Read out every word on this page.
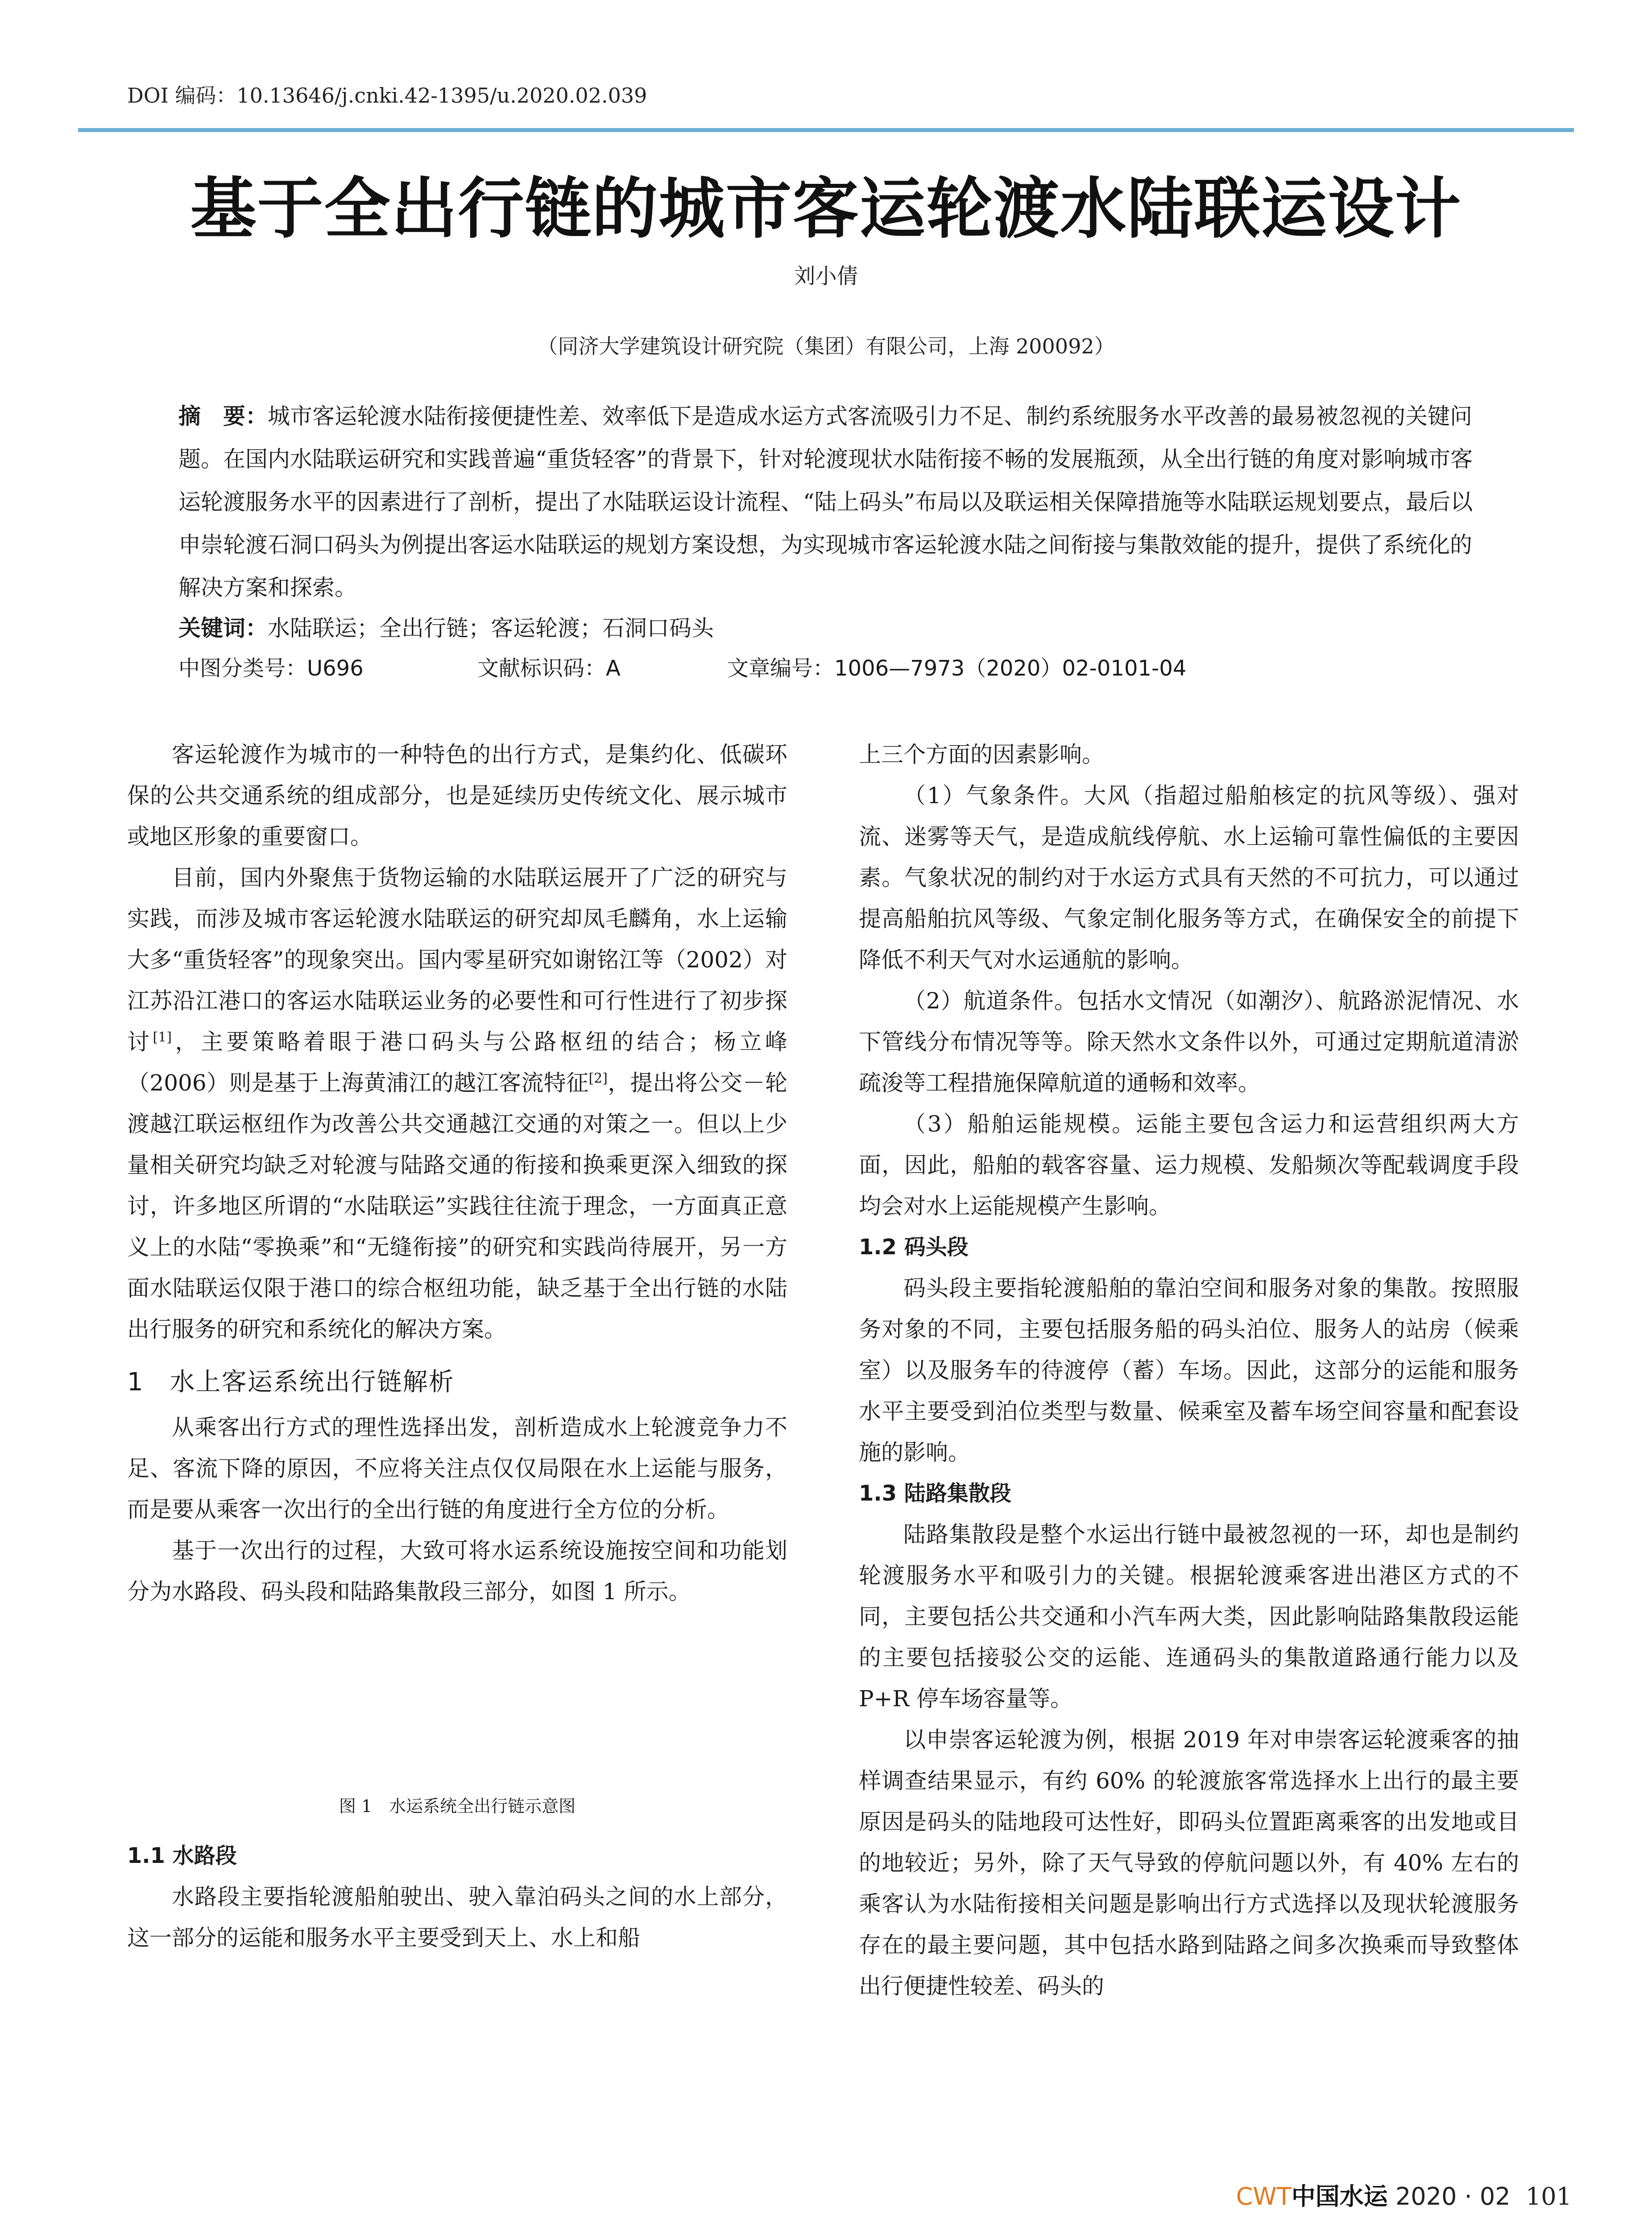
DOI 编码：10.13646/j.cnki.42-1395/u.2020.02.039
基于全出行链的城市客运轮渡水陆联运设计
刘小倩
（同济大学建筑设计研究院（集团）有限公司，上海 200092）
摘　要：城市客运轮渡水陆衔接便捷性差、效率低下是造成水运方式客流吸引力不足、制约系统服务水平改善的最易被忽视的关键问题。在国内水陆联运研究和实践普遍“重货轻客”的背景下，针对轮渡现状水陆衔接不畅的发展瓶颈，从全出行链的角度对影响城市客运轮渡服务水平的因素进行了剖析，提出了水陆联运设计流程、“陆上码头”布局以及联运相关保障措施等水陆联运规划要点，最后以申崇轮渡石洞口码头为例提出客运水陆联运的规划方案设想，为实现城市客运轮渡水陆之间衔接与集散效能的提升，提供了系统化的解决方案和探索。
关键词：水陆联运；全出行链；客运轮渡；石洞口码头
中图分类号：U696	文献标识码：A	文章编号：1006—7973（2020）02-0101-04

客运轮渡作为城市的一种特色的出行方式，是集约化、低碳环保的公共交通系统的组成部分，也是延续历史传统文化、展示城市或地区形象的重要窗口。

目前，国内外聚焦于货物运输的水陆联运展开了广泛的研究与实践，而涉及城市客运轮渡水陆联运的研究却凤毛麟角，水上运输大多“重货轻客”的现象突出。国内零星研究如谢铭江等（2002）对江苏沿江港口的客运水陆联运业务的必要性和可行性进行了初步探讨[1]，主要策略着眼于港口码头与公路枢纽的结合；杨立峰（2006）则是基于上海黄浦江的越江客流特征[2]，提出将公交－轮渡越江联运枢纽作为改善公共交通越江交通的对策之一。但以上少量相关研究均缺乏对轮渡与陆路交通的衔接和换乘更深入细致的探讨，许多地区所谓的“水陆联运”实践往往流于理念，一方面真正意义上的水陆“零换乘”和“无缝衔接”的研究和实践尚待展开，另一方面水陆联运仅限于港口的综合枢纽功能，缺乏基于全出行链的水陆出行服务的研究和系统化的解决方案。

1　水上客运系统出行链解析

从乘客出行方式的理性选择出发，剖析造成水上轮渡竞争力不足、客流下降的原因，不应将关注点仅仅局限在水上运能与服务，而是要从乘客一次出行的全出行链的角度进行全方位的分析。

基于一次出行的过程，大致可将水运系统设施按空间和功能划分为水路段、码头段和陆路集散段三部分，如图 1 所示。

图 1　水运系统全出行链示意图
1.1 水路段

水路段主要指轮渡船舶驶出、驶入靠泊码头之间的水上部分，这一部分的运能和服务水平主要受到天上、水上和船

上三个方面的因素影响。

（1）气象条件。大风（指超过船舶核定的抗风等级）、强对流、迷雾等天气，是造成航线停航、水上运输可靠性偏低的主要因素。气象状况的制约对于水运方式具有天然的不可抗力，可以通过提高船舶抗风等级、气象定制化服务等方式，在确保安全的前提下降低不利天气对水运通航的影响。

（2）航道条件。包括水文情况（如潮汐）、航路淤泥情况、水下管线分布情况等等。除天然水文条件以外，可通过定期航道清淤疏浚等工程措施保障航道的通畅和效率。

（3）船舶运能规模。运能主要包含运力和运营组织两大方面，因此，船舶的载客容量、运力规模、发船频次等配载调度手段均会对水上运能规模产生影响。

1.2 码头段

码头段主要指轮渡船舶的靠泊空间和服务对象的集散。按照服务对象的不同，主要包括服务船的码头泊位、服务人的站房（候乘室）以及服务车的待渡停（蓄）车场。因此，这部分的运能和服务水平主要受到泊位类型与数量、候乘室及蓄车场空间容量和配套设施的影响。

1.3 陆路集散段

陆路集散段是整个水运出行链中最被忽视的一环，却也是制约轮渡服务水平和吸引力的关键。根据轮渡乘客进出港区方式的不同，主要包括公共交通和小汽车两大类，因此影响陆路集散段运能的主要包括接驳公交的运能、连通码头的集散道路通行能力以及 P+R 停车场容量等。

以申崇客运轮渡为例，根据 2019 年对申崇客运轮渡乘客的抽样调查结果显示，有约 60% 的轮渡旅客常选择水上出行的最主要原因是码头的陆地段可达性好，即码头位置距离乘客的出发地或目的地较近；另外，除了天气导致的停航问题以外，有 40% 左右的乘客认为水陆衔接相关问题是影响出行方式选择以及现状轮渡服务存在的最主要问题，其中包括水路到陆路之间多次换乘而导致整体出行便捷性较差、码头的

CWT中国水运 2020 · 02 101
